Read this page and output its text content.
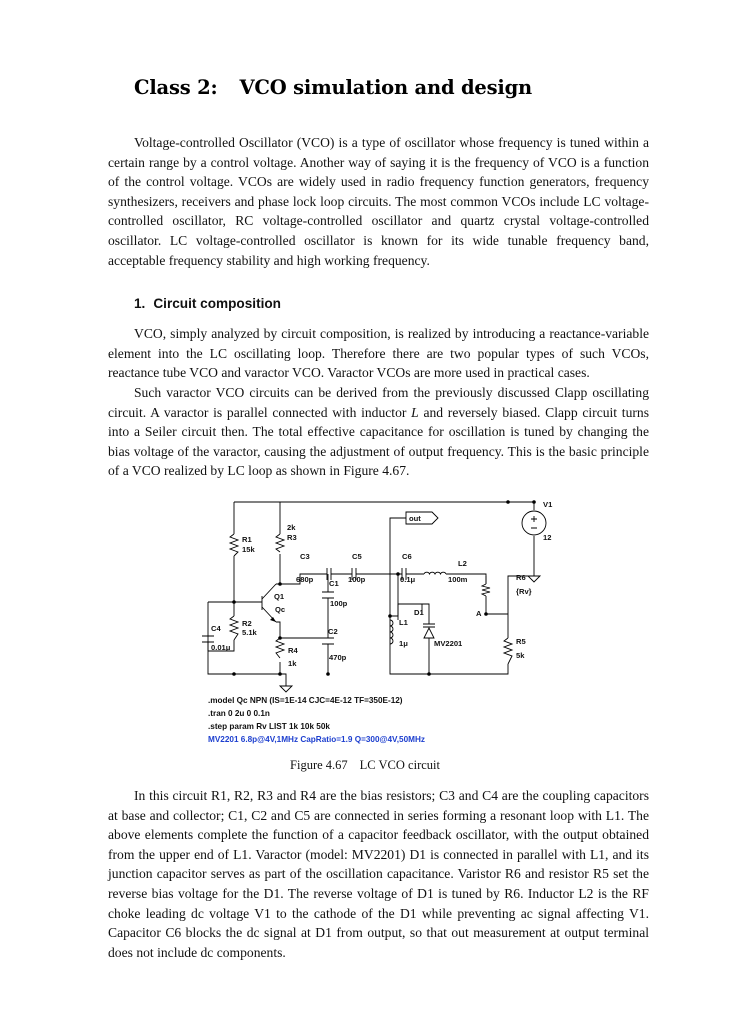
Class 2: VCO simulation and design

Voltage-controlled Oscillator (VCO) is a type of oscillator whose frequency is tuned within a certain range by a control voltage. Another way of saying it is the frequency of VCO is a function of the control voltage. VCOs are widely used in radio frequency function generators, frequency synthesizers, receivers and phase lock loop circuits. The most common VCOs include LC voltage-controlled oscillator, RC voltage-controlled oscillator and quartz crystal voltage-controlled oscillator. LC voltage-controlled oscillator is known for its wide tunable frequency band, acceptable frequency stability and high working frequency.

1. Circuit composition

VCO, simply analyzed by circuit composition, is realized by introducing a reactance-variable element into the LC oscillating loop. Therefore there are two popular types of such VCOs, reactance tube VCO and varactor VCO. Varactor VCOs are more used in practical cases.

Such varactor VCO circuits can be derived from the previously discussed Clapp oscillating circuit. A varactor is parallel connected with inductor L and reversely biased. Clapp circuit turns into a Seiler circuit then. The total effective capacitance for oscillation is tuned by changing the bias voltage of the varactor, causing the adjustment of output frequency. This is the basic principle of a VCO realized by LC loop as shown in Figure 4.67.

out
R1
15k
2k
R3
R2
5.1k
R4
1k
R5
5k
R6
{Rv}
C3
680p
C5
100p
C6
0.1μ
C1
100p
C2
470p
C4
0.01μ
L2
100m
L1
1μ
D1
MV2201
Q1
Qc	A
V1
12
.model Qc NPN (IS=1E-14 CJC=4E-12 TF=350E-12)
.tran 0 2u 0 0.1n
.step param Rv LIST 1k 10k 50k
MV2201 6.8p@4V,1MHz CapRatio=1.9 Q=300@4V,50MHz
Figure 4.67 LC VCO circuit

In this circuit R1, R2, R3 and R4 are the bias resistors; C3 and C4 are the coupling capacitors at base and collector; C1, C2 and C5 are connected in series forming a resonant loop with L1. The above elements complete the function of a capacitor feedback oscillator, with the output obtained from the upper end of L1. Varactor (model: MV2201) D1 is connected in parallel with L1, and its junction capacitor serves as part of the oscillation capacitance. Varistor R6 and resistor R5 set the reverse bias voltage for the D1. The reverse voltage of D1 is tuned by R6. Inductor L2 is the RF choke leading dc voltage V1 to the cathode of the D1 while preventing ac signal affecting V1. Capacitor C6 blocks the dc signal at D1 from output, so that out measurement at output terminal does not include dc components.
